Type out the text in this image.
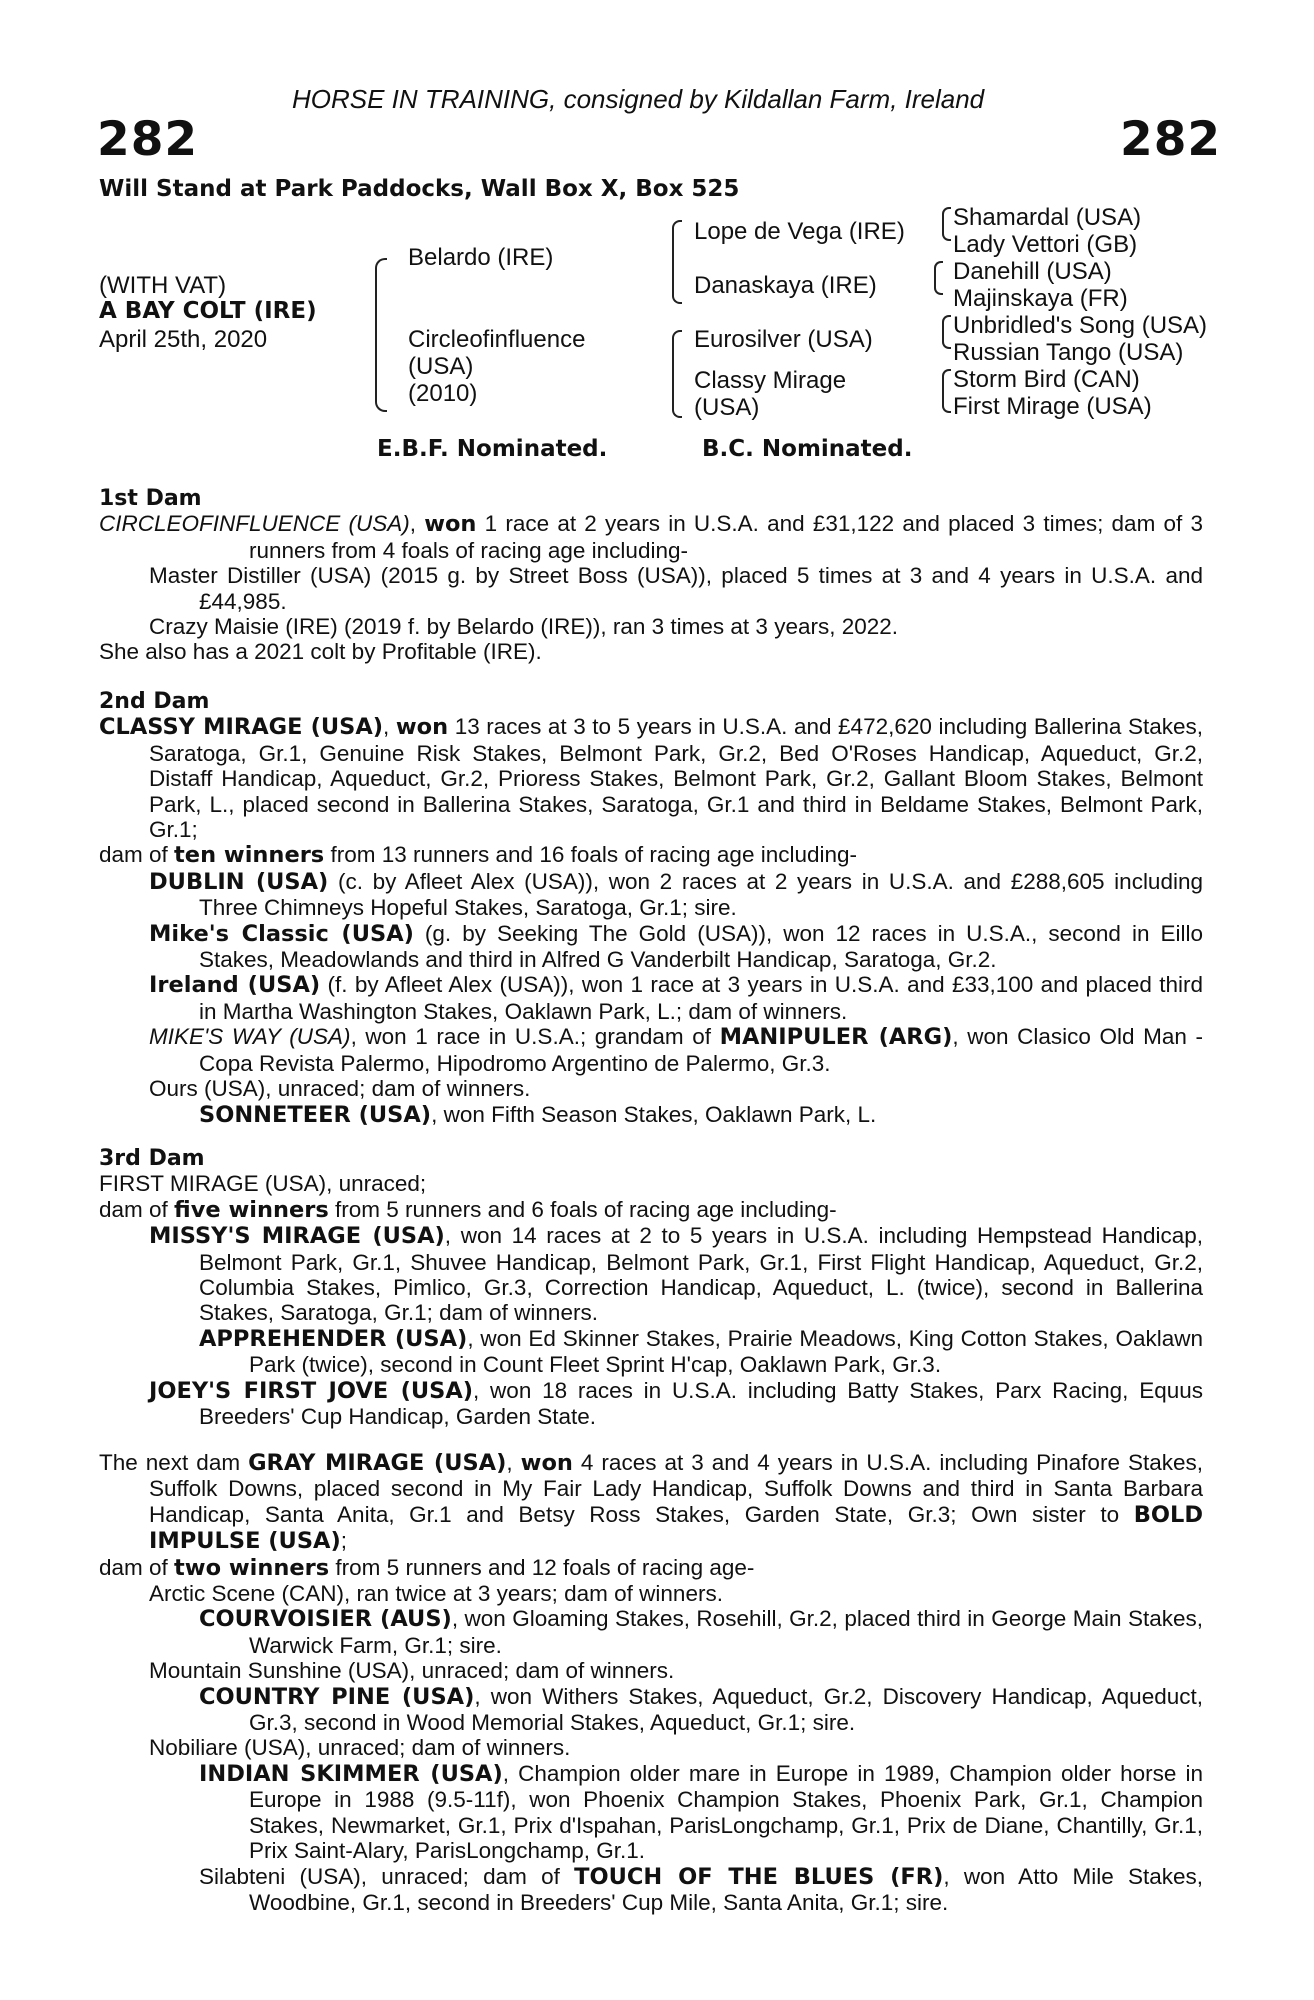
HORSE IN TRAINING, consigned by Kildallan Farm, Ireland
282	282
Will Stand at Park Paddocks, Wall Box X, Box 525
(WITH VAT)
A BAY COLT (IRE)
April 25th, 2020
Belardo (IRE)
Circleofinfluence
(USA)
(2010)
Lope de Vega (IRE)
Danaskaya (IRE)
Eurosilver (USA)
Classy Mirage
(USA)
Shamardal (USA)
Lady Vettori (GB)
Danehill (USA)
Majinskaya (FR)
Unbridled's Song (USA)
Russian Tango (USA)
Storm Bird (CAN)
First Mirage (USA)
E.B.F. Nominated.	B.C. Nominated.

1st Dam

CIRCLEOFINFLUENCE (USA), won 1 race at 2 years in U.S.A. and £31,122 and placed 3 times; dam of 3 runners from 4 foals of racing age including-

Master Distiller (USA) (2015 g. by Street Boss (USA)), placed 5 times at 3 and 4 years in U.S.A. and £44,985.

Crazy Maisie (IRE) (2019 f. by Belardo (IRE)), ran 3 times at 3 years, 2022.

She also has a 2021 colt by Profitable (IRE).

2nd Dam

CLASSY MIRAGE (USA), won 13 races at 3 to 5 years in U.S.A. and £472,620 including Ballerina Stakes, Saratoga, Gr.1, Genuine Risk Stakes, Belmont Park, Gr.2, Bed O'Roses Handicap, Aqueduct, Gr.2, Distaff Handicap, Aqueduct, Gr.2, Prioress Stakes, Belmont Park, Gr.2, Gallant Bloom Stakes, Belmont Park, L., placed second in Ballerina Stakes, Saratoga, Gr.1 and third in Beldame Stakes, Belmont Park, Gr.1;

dam of ten winners from 13 runners and 16 foals of racing age including-

DUBLIN (USA) (c. by Afleet Alex (USA)), won 2 races at 2 years in U.S.A. and £288,605 including Three Chimneys Hopeful Stakes, Saratoga, Gr.1; sire.

Mike's Classic (USA) (g. by Seeking The Gold (USA)), won 12 races in U.S.A., second in Eillo Stakes, Meadowlands and third in Alfred G Vanderbilt Handicap, Saratoga, Gr.2.

Ireland (USA) (f. by Afleet Alex (USA)), won 1 race at 3 years in U.S.A. and £33,100 and placed third in Martha Washington Stakes, Oaklawn Park, L.; dam of winners.

MIKE'S WAY (USA), won 1 race in U.S.A.; grandam of MANIPULER (ARG), won Clasico Old Man - Copa Revista Palermo, Hipodromo Argentino de Palermo, Gr.3.

Ours (USA), unraced; dam of winners.

SONNETEER (USA), won Fifth Season Stakes, Oaklawn Park, L.

3rd Dam

FIRST MIRAGE (USA), unraced;

dam of five winners from 5 runners and 6 foals of racing age including-

MISSY'S MIRAGE (USA), won 14 races at 2 to 5 years in U.S.A. including Hempstead Handicap, Belmont Park, Gr.1, Shuvee Handicap, Belmont Park, Gr.1, First Flight Handicap, Aqueduct, Gr.2, Columbia Stakes, Pimlico, Gr.3, Correction Handicap, Aqueduct, L. (twice), second in Ballerina Stakes, Saratoga, Gr.1; dam of winners.

APPREHENDER (USA), won Ed Skinner Stakes, Prairie Meadows, King Cotton Stakes, Oaklawn Park (twice), second in Count Fleet Sprint H'cap, Oaklawn Park, Gr.3.

JOEY'S FIRST JOVE (USA), won 18 races in U.S.A. including Batty Stakes, Parx Racing, Equus Breeders' Cup Handicap, Garden State.

The next dam GRAY MIRAGE (USA), won 4 races at 3 and 4 years in U.S.A. including Pinafore Stakes, Suffolk Downs, placed second in My Fair Lady Handicap, Suffolk Downs and third in Santa Barbara Handicap, Santa Anita, Gr.1 and Betsy Ross Stakes, Garden State, Gr.3; Own sister to BOLD IMPULSE (USA);

dam of two winners from 5 runners and 12 foals of racing age-

Arctic Scene (CAN), ran twice at 3 years; dam of winners.

COURVOISIER (AUS), won Gloaming Stakes, Rosehill, Gr.2, placed third in George Main Stakes, Warwick Farm, Gr.1; sire.

Mountain Sunshine (USA), unraced; dam of winners.

COUNTRY PINE (USA), won Withers Stakes, Aqueduct, Gr.2, Discovery Handicap, Aqueduct, Gr.3, second in Wood Memorial Stakes, Aqueduct, Gr.1; sire.

Nobiliare (USA), unraced; dam of winners.

INDIAN SKIMMER (USA), Champion older mare in Europe in 1989, Champion older horse in Europe in 1988 (9.5-11f), won Phoenix Champion Stakes, Phoenix Park, Gr.1, Champion Stakes, Newmarket, Gr.1, Prix d'Ispahan, ParisLongchamp, Gr.1, Prix de Diane, Chantilly, Gr.1, Prix Saint-Alary, ParisLongchamp, Gr.1.

Silabteni (USA), unraced; dam of TOUCH OF THE BLUES (FR), won Atto Mile Stakes, Woodbine, Gr.1, second in Breeders' Cup Mile, Santa Anita, Gr.1; sire.
